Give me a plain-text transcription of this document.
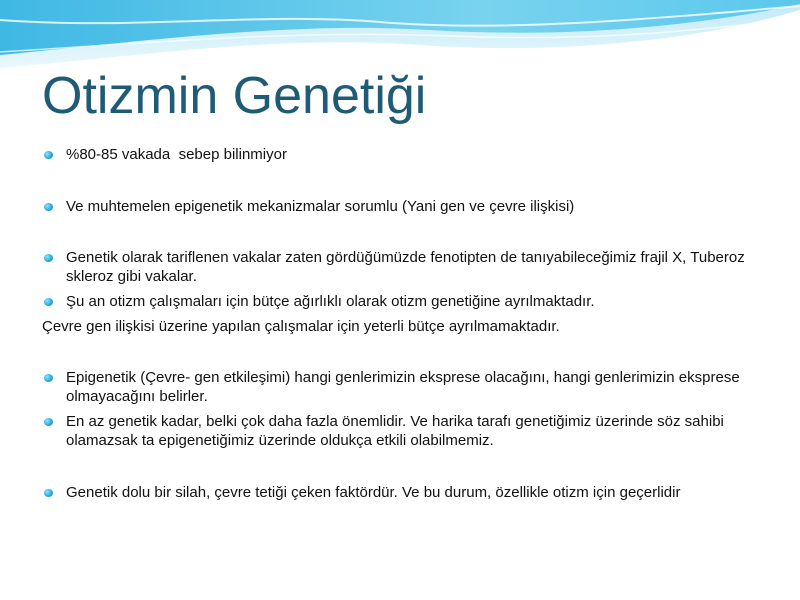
Otizmin Genetiği
%80-85 vakada  sebep bilinmiyor
Ve muhtemelen epigenetik mekanizmalar sorumlu (Yani gen ve çevre ilişkisi)
Genetik olarak tariflenen vakalar zaten gördüğümüzde fenotipten de tanıyabileceğimiz frajil X, Tuberoz skleroz gibi vakalar.
Şu an otizm çalışmaları için bütçe ağırlıklı olarak otizm genetiğine ayrılmaktadır.
Çevre gen ilişkisi üzerine yapılan çalışmalar için yeterli bütçe ayrılmamaktadır.
Epigenetik (Çevre- gen etkileşimi) hangi genlerimizin eksprese olacağını, hangi genlerimizin eksprese olmayacağını belirler.
En az genetik kadar, belki çok daha fazla önemlidir. Ve harika tarafı genetiğimiz üzerinde söz sahibi olamazsak ta epigenetiğimiz üzerinde oldukça etkili olabilmemiz.
Genetik dolu bir silah, çevre tetiği çeken faktördür. Ve bu durum, özellikle otizm için geçerlidir
